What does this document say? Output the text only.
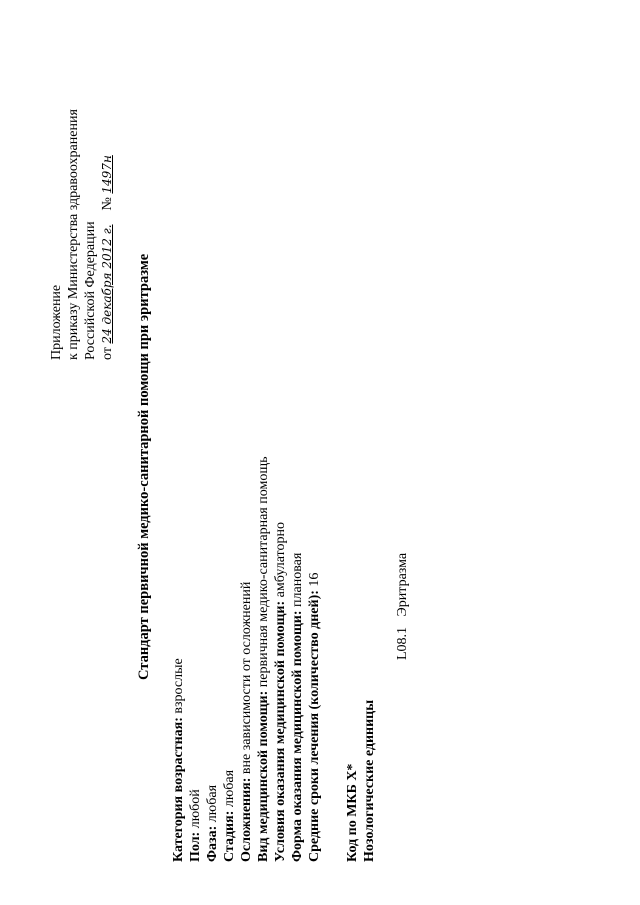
Приложение к приказу Министерства здравоохранения Российской Федерации от 24 декабря 2012 г.    № 1497н
Стандарт первичной медико-санитарной помощи при эритразме
Категория возрастная: взрослые
Пол: любой
Фаза: любая
Стадия: любая Осложнения: вне зависимости от осложнений
Вид медицинской помощи: первичная медико-санитарная помощь
Условия оказания медицинской помощи: амбулаторно
Форма оказания медицинской помощи: плановая
Средние сроки лечения (количество дней): 16
Код по МКБ X* Нозологические единицы
L08.1   Эритразма
